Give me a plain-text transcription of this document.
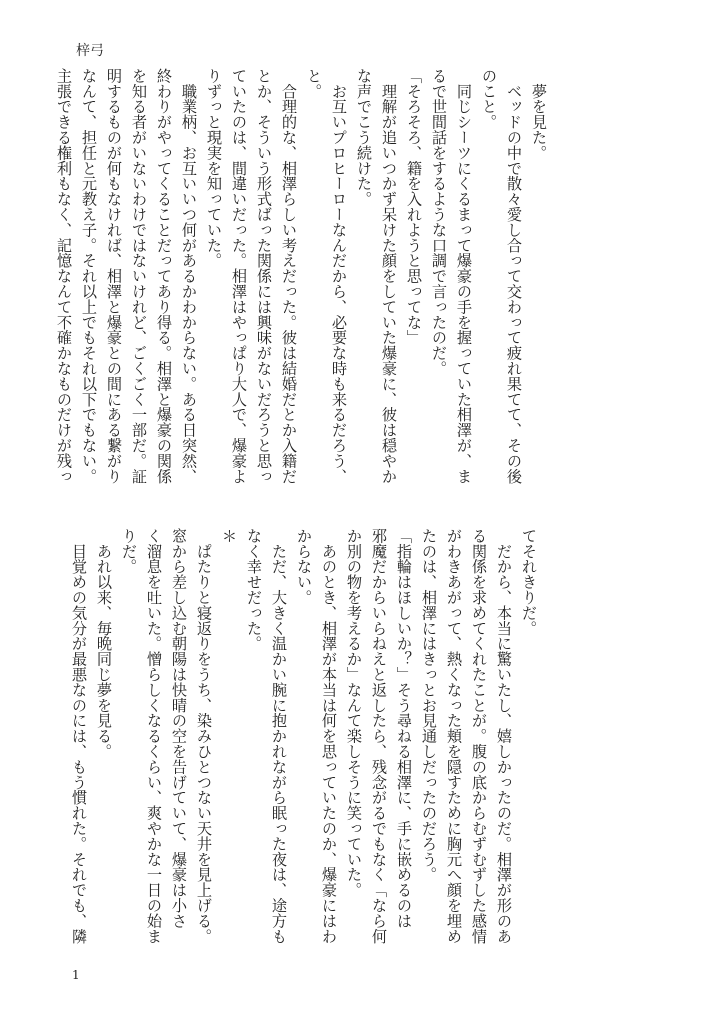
梓弓

　夢を見た。

　ベッドの中で散々愛し合って交わって疲れ果てて、その後

のこと。

　同じシーツにくるまって爆豪の手を握っていた相澤が、ま

るで世間話をするような口調で言ったのだ。

「そろそろ、籍を入れようと思ってな」

　理解が追いつかず呆けた顔をしていた爆豪に、彼は穏やか

な声でこう続けた。

　お互いプロヒーローなんだから、必要な時も来るだろう、

と。

　合理的な、相澤らしい考えだった。彼は結婚だとか入籍だ

とか、そういう形式ばった関係には興味がないだろうと思っ

ていたのは、間違いだった。相澤はやっぱり大人で、爆豪よ

りずっと現実を知っていた。

　職業柄、お互いいつ何があるかわからない。ある日突然、

終わりがやってくることだってあり得る。相澤と爆豪の関係

を知る者がいないわけではないけれど、ごくごく一部だ。証

明するものが何もなければ、相澤と爆豪との間にある繋がり

なんて、担任と元教え子。それ以上でもそれ以下でもない。

主張できる権利もなく、記憶なんて不確かなものだけが残っ

てそれきりだ。

　だから、本当に驚いたし、嬉しかったのだ。相澤が形のあ

る関係を求めてくれたことが。腹の底からむずむずした感情

がわきあがって、熱くなった頬を隠すために胸元へ顔を埋め

たのは、相澤にはきっとお見通しだったのだろう。

「指輪はほしいか？」そう尋ねる相澤に、手に嵌めるのは

邪魔だからいらねえと返したら、残念がるでもなく「なら何

か別の物を考えるか」なんて楽しそうに笑っていた。

　あのとき、相澤が本当は何を思っていたのか、爆豪にはわ

からない。

　ただ、大きく温かい腕に抱かれながら眠った夜は、途方も

なく幸せだった。

＊

　ぱたりと寝返りをうち、染みひとつない天井を見上げる。

窓から差し込む朝陽は快晴の空を告げていて、爆豪は小さ

く溜息を吐いた。憎らしくなるくらい、爽やかな一日の始ま

りだ。

　あれ以来、毎晩同じ夢を見る。

　目覚めの気分が最悪なのには、もう慣れた。それでも、隣

1
